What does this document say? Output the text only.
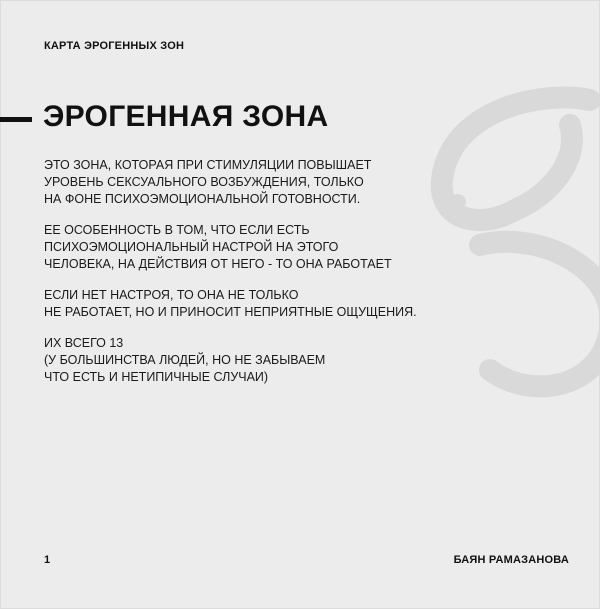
КАРТА ЭРОГЕННЫХ ЗОН
ЭРОГЕННАЯ ЗОНА

ЭТО ЗОНА, КОТОРАЯ ПРИ СТИМУЛЯЦИИ ПОВЫШАЕТ
УРОВЕНЬ СЕКСУАЛЬНОГО ВОЗБУЖДЕНИЯ, ТОЛЬКО
НА ФОНЕ ПСИХОЭМОЦИОНАЛЬНОЙ ГОТОВНОСТИ.

ЕЕ ОСОБЕННОСТЬ В ТОМ, ЧТО ЕСЛИ ЕСТЬ
ПСИХОЭМОЦИОНАЛЬНЫЙ НАСТРОЙ НА ЭТОГО
ЧЕЛОВЕКА, НА ДЕЙСТВИЯ ОТ НЕГО - ТО ОНА РАБОТАЕТ

ЕСЛИ НЕТ НАСТРОЯ, ТО ОНА НЕ ТОЛЬКО
НЕ РАБОТАЕТ, НО И ПРИНОСИТ НЕПРИЯТНЫЕ ОЩУЩЕНИЯ.

ИХ ВСЕГО 13
(У БОЛЬШИНСТВА ЛЮДЕЙ, НО НЕ ЗАБЫВАЕМ
ЧТО ЕСТЬ И НЕТИПИЧНЫЕ СЛУЧАИ)

1	БАЯН РАМАЗАНОВА
